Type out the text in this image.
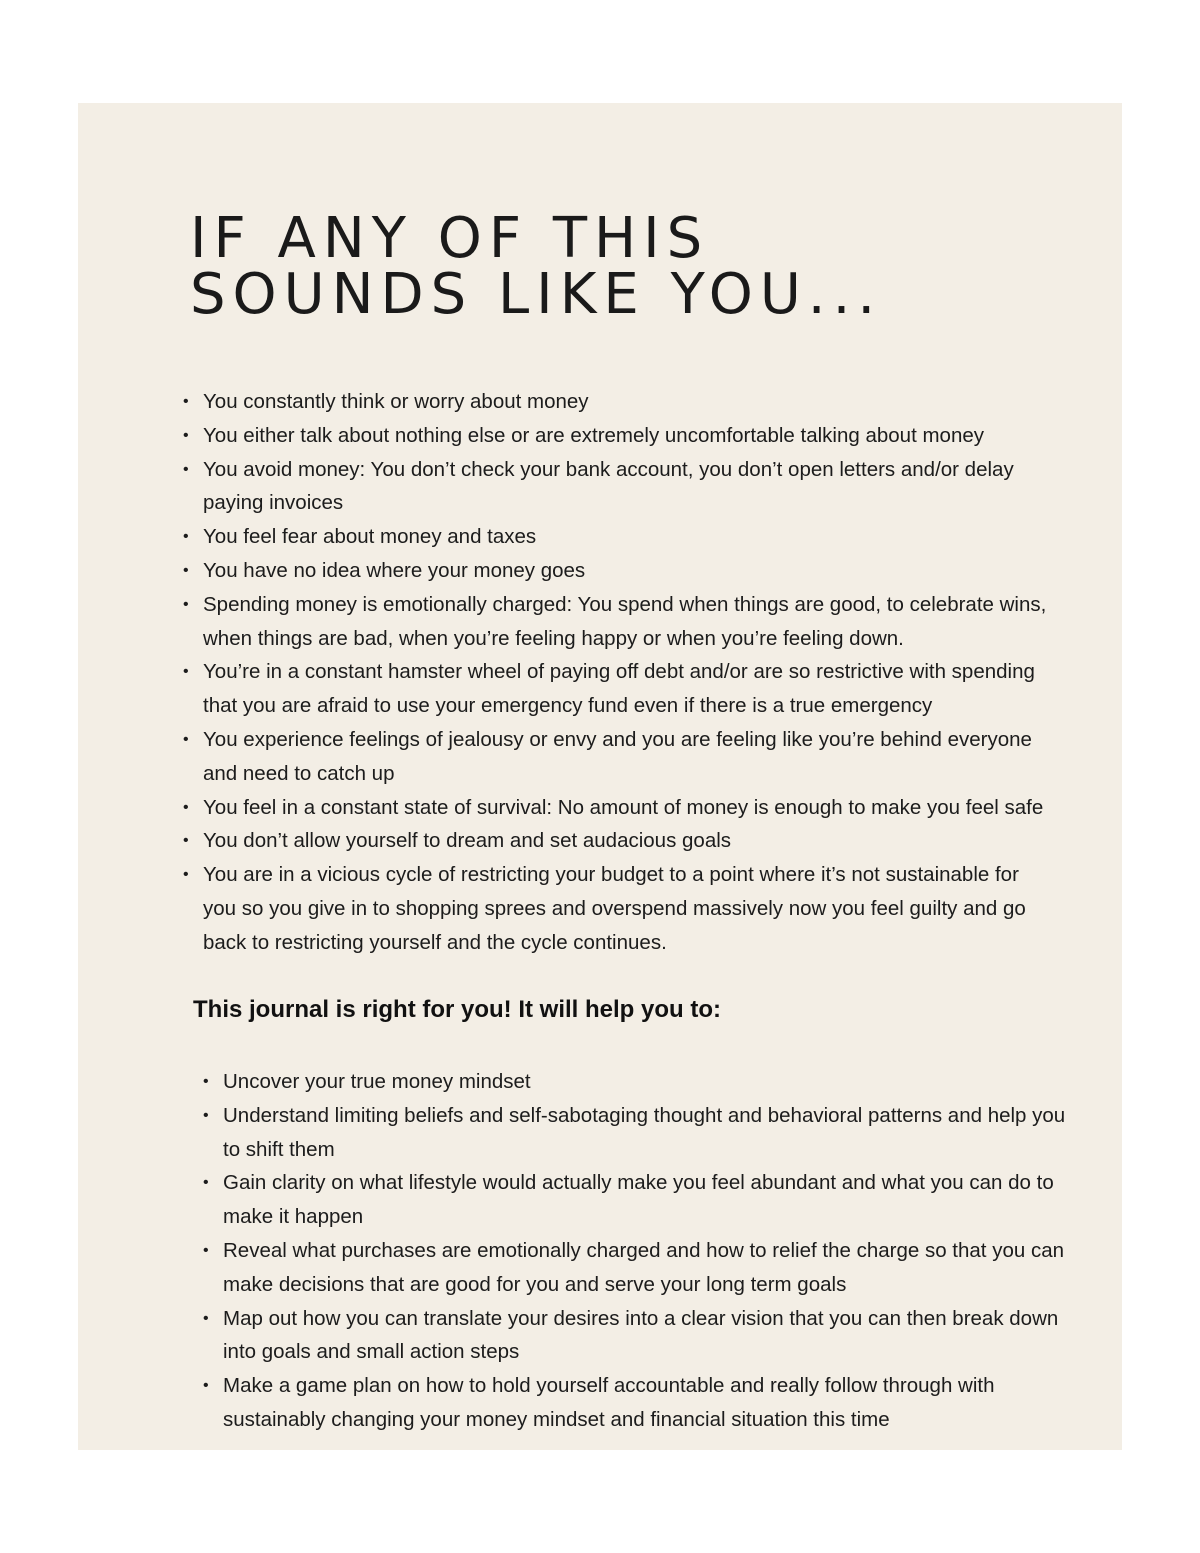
IF ANY OF THIS
SOUNDS LIKE YOU...
• You constantly think or worry about money
• You either talk about nothing else or are extremely uncomfortable talking about money
• You avoid money: You don’t check your bank account, you don’t open letters and/or delay paying invoices
• You feel fear about money and taxes
• You have no idea where your money goes
• Spending money is emotionally charged: You spend when things are good, to celebrate wins, when things are bad, when you’re feeling happy or when you’re feeling down.
• You’re in a constant hamster wheel of paying off debt and/or are so restrictive with spending that you are afraid to use your emergency fund even if there is a true emergency
• You experience feelings of jealousy or envy and you are feeling like you’re behind everyone and need to catch up
• You feel in a constant state of survival: No amount of money is enough to make you feel safe
• You don’t allow yourself to dream and set audacious goals
• You are in a vicious cycle of restricting your budget to a point where it’s not sustainable for you so you give in to shopping sprees and overspend massively now you feel guilty and go back to restricting yourself and the cycle continues.
This journal is right for you! It will help you to:
• Uncover your true money mindset
• Understand limiting beliefs and self-sabotaging thought and behavioral patterns and help you to shift them
• Gain clarity on what lifestyle would actually make you feel abundant and what you can do to make it happen
• Reveal what purchases are emotionally charged and how to relief the charge so that you can make decisions that are good for you and serve your long term goals
• Map out how you can translate your desires into a clear vision that you can then break down into goals and small action steps
• Make a game plan on how to hold yourself accountable and really follow through with sustainably changing your money mindset and financial situation this time
